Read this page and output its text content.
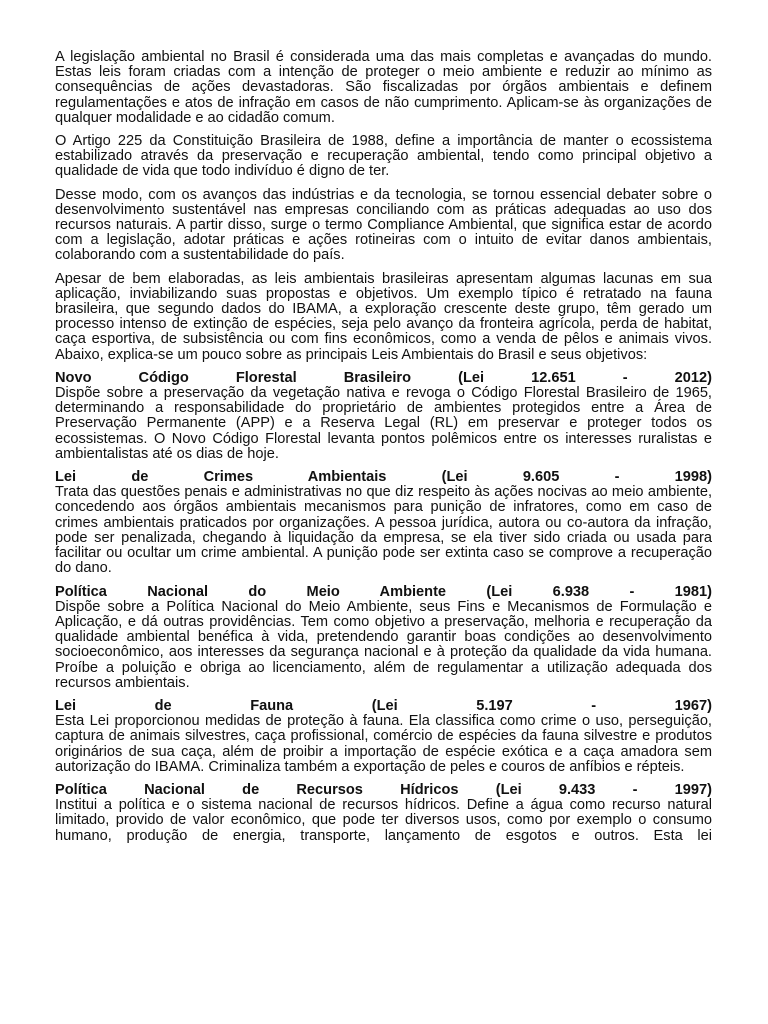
A legislação ambiental no Brasil é considerada uma das mais completas e avançadas do mundo. Estas leis foram criadas com a intenção de proteger o meio ambiente e reduzir ao mínimo as consequências de ações devastadoras. São fiscalizadas por órgãos ambientais e definem regulamentações e atos de infração em casos de não cumprimento. Aplicam-se às organizações de qualquer modalidade e ao cidadão comum.

O Artigo 225 da Constituição Brasileira de 1988, define a importância de manter o ecossistema estabilizado através da preservação e recuperação ambiental, tendo como principal objetivo a qualidade de vida que todo indivíduo é digno de ter.

Desse modo, com os avanços das indústrias e da tecnologia, se tornou essencial debater sobre o desenvolvimento sustentável nas empresas conciliando com as práticas adequadas ao uso dos recursos naturais. A partir disso, surge o termo Compliance Ambiental, que significa estar de acordo com a legislação, adotar práticas e ações rotineiras com o intuito de evitar danos ambientais, colaborando com a sustentabilidade do país.

Apesar de bem elaboradas, as leis ambientais brasileiras apresentam algumas lacunas em sua aplicação, inviabilizando suas propostas e objetivos. Um exemplo típico é retratado na fauna brasileira, que segundo dados do IBAMA, a exploração crescente deste grupo, têm gerado um processo intenso de extinção de espécies, seja pelo avanço da fronteira agrícola, perda de habitat, caça esportiva, de subsistência ou com fins econômicos, como a venda de pêlos e animais vivos.

Abaixo, explica-se um pouco sobre as principais Leis Ambientais do Brasil e seus objetivos:

Novo Código Florestal Brasileiro (Lei 12.651 - 2012)
Dispõe sobre a preservação da vegetação nativa e revoga o Código Florestal Brasileiro de 1965, determinando a responsabilidade do proprietário de ambientes protegidos entre a Área de Preservação Permanente (APP) e a Reserva Legal (RL) em preservar e proteger todos os ecossistemas. O Novo Código Florestal levanta pontos polêmicos entre os interesses ruralistas e ambientalistas até os dias de hoje.

Lei de Crimes Ambientais (Lei 9.605 - 1998)
Trata das questões penais e administrativas no que diz respeito às ações nocivas ao meio ambiente, concedendo aos órgãos ambientais mecanismos para punição de infratores, como em caso de crimes ambientais praticados por organizações. A pessoa jurídica, autora ou co-autora da infração, pode ser penalizada, chegando à liquidação da empresa, se ela tiver sido criada ou usada para facilitar ou ocultar um crime ambiental. A punição pode ser extinta caso se comprove a recuperação do dano.

Política Nacional do Meio Ambiente (Lei 6.938 - 1981)
Dispõe sobre a Política Nacional do Meio Ambiente, seus Fins e Mecanismos de Formulação e Aplicação, e dá outras providências. Tem como objetivo a preservação, melhoria e recuperação da qualidade ambiental benéfica à vida, pretendendo garantir boas condições ao desenvolvimento socioeconômico, aos interesses da segurança nacional e à proteção da qualidade da vida humana. Proíbe a poluição e obriga ao licenciamento, além de regulamentar a utilização adequada dos recursos ambientais.

Lei de Fauna (Lei 5.197 - 1967)
Esta Lei proporcionou medidas de proteção à fauna. Ela classifica como crime o uso, perseguição, captura de animais silvestres, caça profissional, comércio de espécies da fauna silvestre e produtos originários de sua caça, além de proibir a importação de espécie exótica e a caça amadora sem autorização do IBAMA. Criminaliza também a exportação de peles e couros de anfíbios e répteis.

Política Nacional de Recursos Hídricos (Lei 9.433 - 1997)
Institui a política e o sistema nacional de recursos hídricos. Define a água como recurso natural limitado, provido de valor econômico, que pode ter diversos usos, como por exemplo o consumo humano, produção de energia, transporte, lançamento de esgotos e outros. Esta lei
